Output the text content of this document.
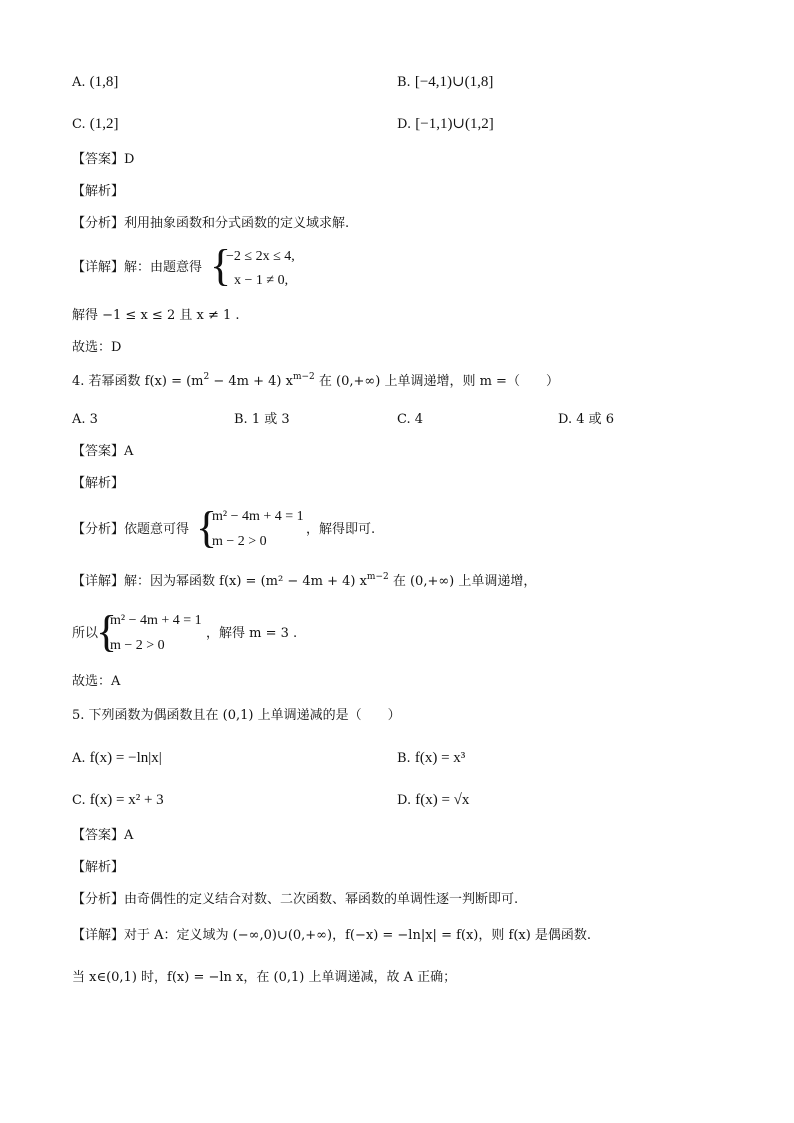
A. (1,8]	B. [−4,1)∪(1,8]
C. (1,2]	D. [−1,1)∪(1,2]
【答案】D
【解析】
【分析】利用抽象函数和分式函数的定义域求解.
【详解】解：由题意得 {
−2 ≤ 2x ≤ 4,
x − 1 ≠ 0,
解得 −1 ≤ x ≤ 2 且 x ≠ 1 .
故选：D
4. 若幂函数 $f(x) = (m^2 - 4m + 4)$ $x^{m-2}$ 在 (0,+∞) 上单调递增，则 m =（　　）
A. 3	B. 1 或 3	C. 4	D. 4 或 6
【答案】A
【解析】
【分析】依题意可得 {
m² − 4m + 4 = 1
m − 2 > 0
，解得即可.
【详解】解：因为幂函数 f(x) = (m² − 4m + 4) $x^{m-2}$ 在 (0,+∞) 上单调递增，
所以
{
m² − 4m + 4 = 1
m − 2 > 0
，解得 m = 3 .
故选：A
5. 下列函数为偶函数且在 (0,1) 上单调递减的是（　　）
A. f(x) = −ln|x|	B. f(x) = x³
C. f(x) = x² + 3	D. f(x) = √x
【答案】A
【解析】
【分析】由奇偶性的定义结合对数、二次函数、幂函数的单调性逐一判断即可.
【详解】对于 A：定义域为 (−∞,0)∪(0,+∞)，f(−x) = −ln|x| = f(x)，则 f(x) 是偶函数.
当 x∈(0,1) 时，f(x) = −ln x，在 (0,1) 上单调递减，故 A 正确；
